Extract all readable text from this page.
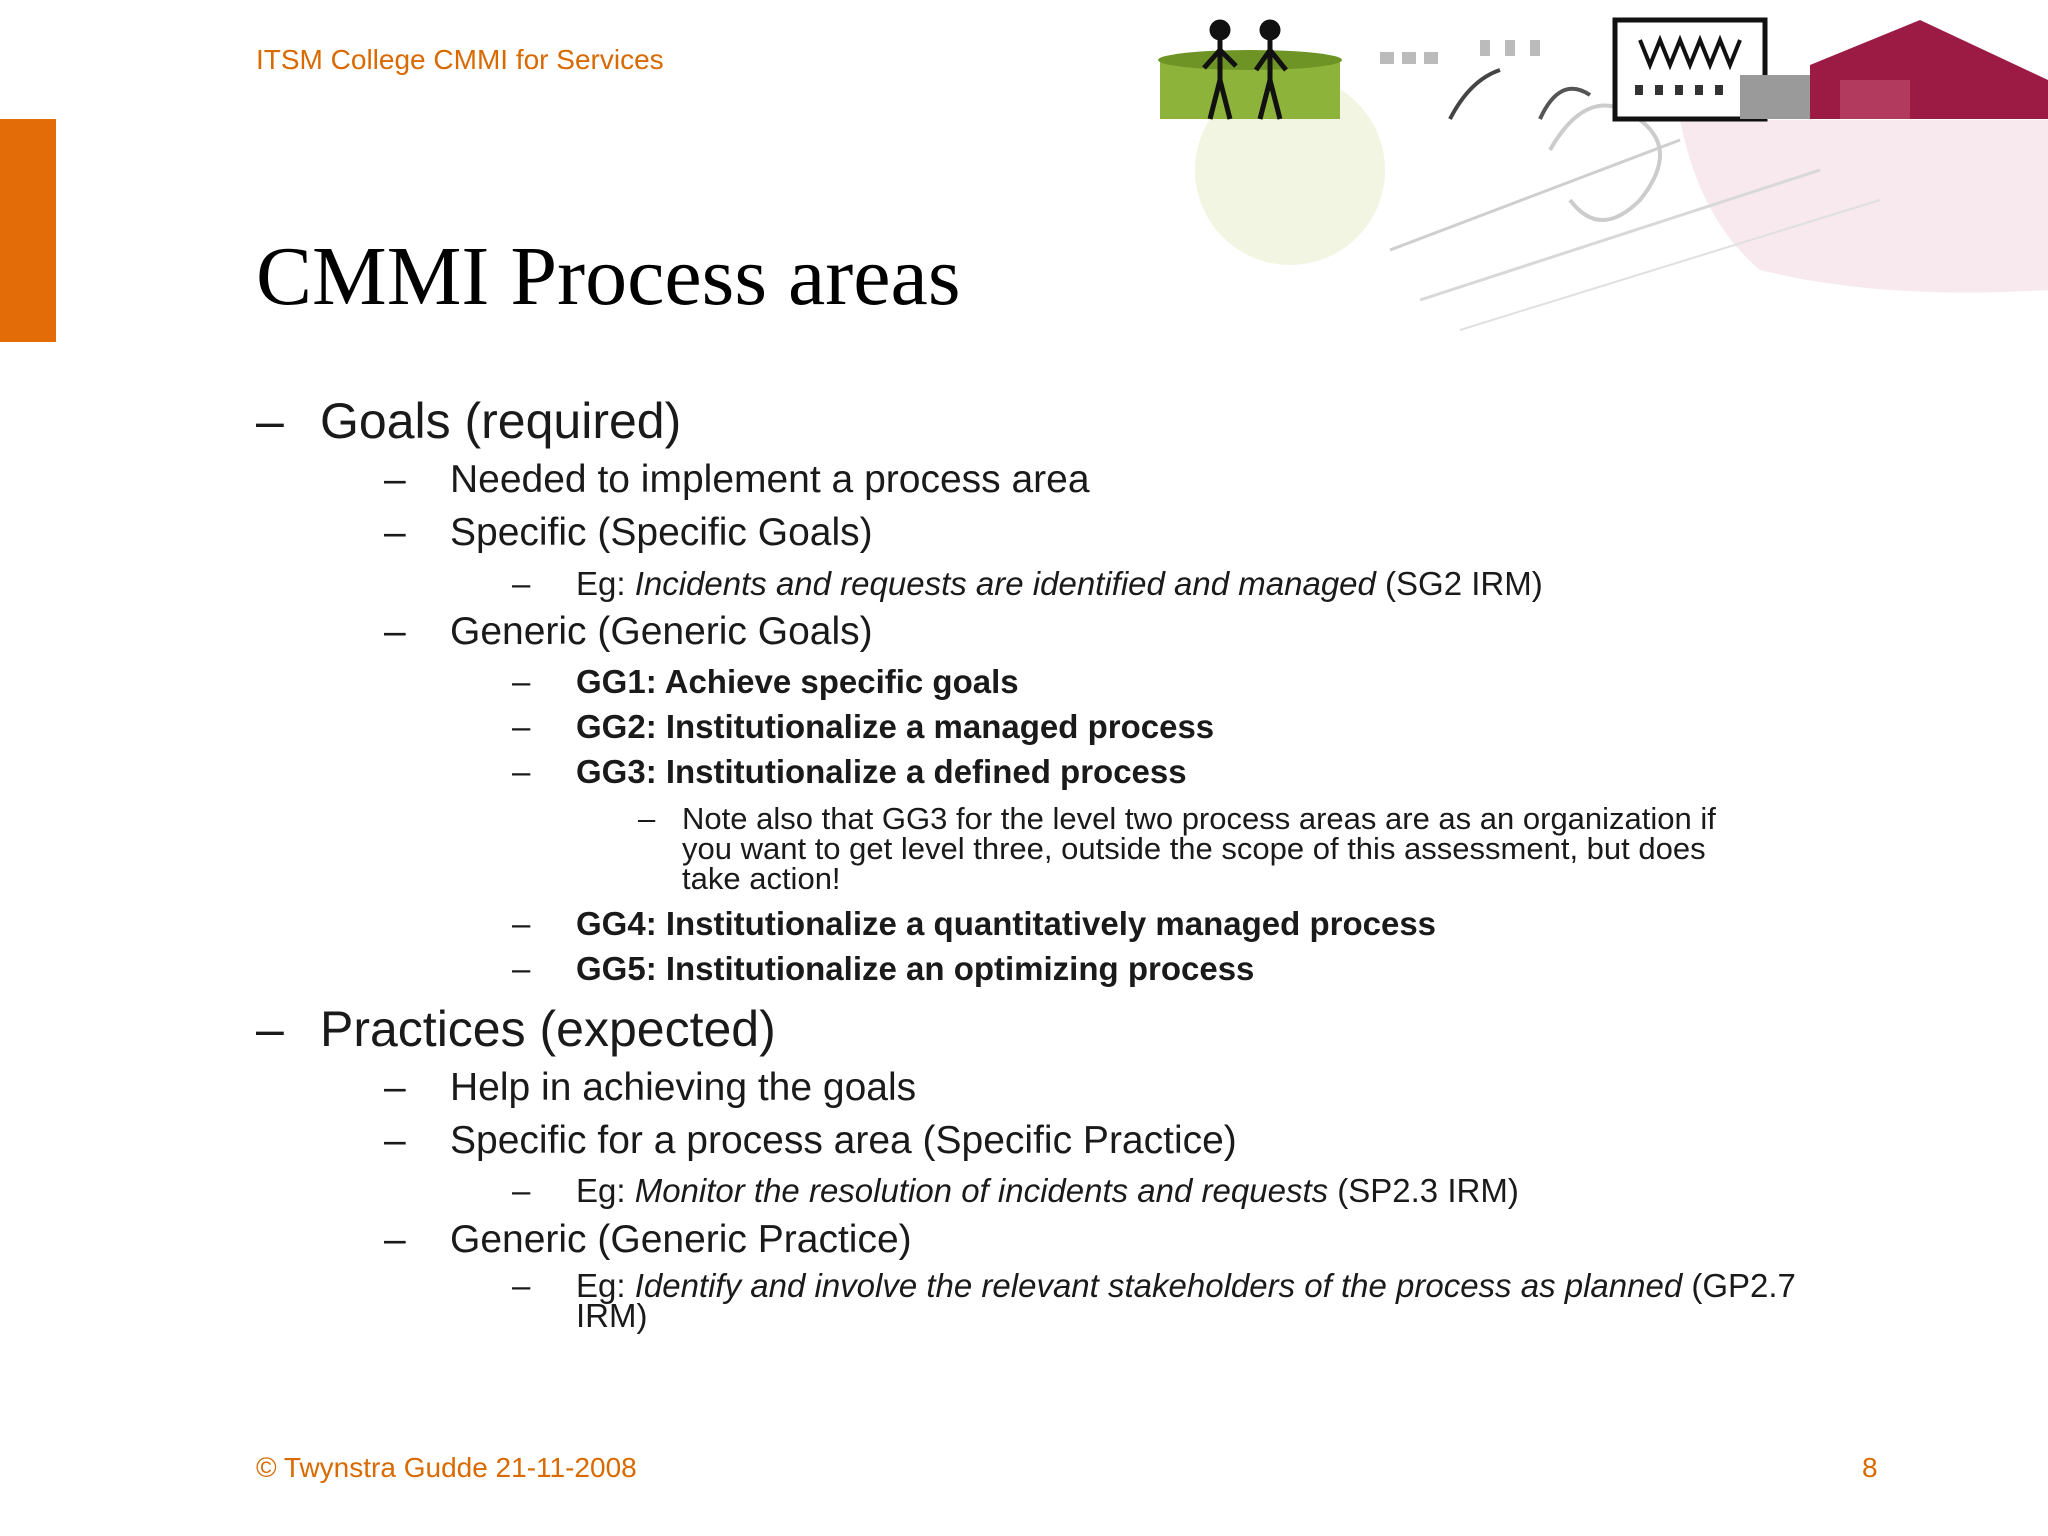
ITSM College CMMI for Services
CMMI Process areas
– Goals (required)
– Needed to implement a process area
– Specific (Specific Goals)
– Eg: Incidents and requests are identified and managed (SG2 IRM)
– Generic (Generic Goals)
– GG1: Achieve specific goals
– GG2: Institutionalize a managed process
– GG3: Institutionalize a defined process
– Note also that GG3 for the level two process areas are as an organization if
you want to get level three, outside the scope of this assessment, but does
take action!
– GG4: Institutionalize a quantitatively managed process
– GG5: Institutionalize an optimizing process
– Practices (expected)
– Help in achieving the goals
– Specific for a process area (Specific Practice)
– Eg: Monitor the resolution of incidents and requests (SP2.3 IRM)
– Generic (Generic Practice)
– Eg: Identify and involve the relevant stakeholders of the process as planned (GP2.7
IRM)
© Twynstra Gudde 21-11-2008	8
